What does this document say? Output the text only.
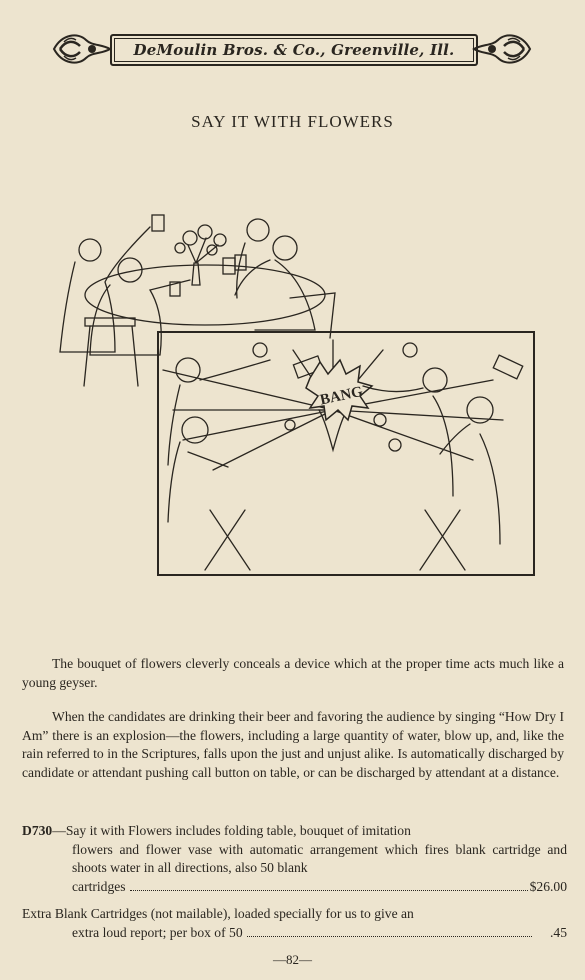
DeMoulin Bros. & Co., Greenville, Ill.
SAY IT WITH FLOWERS
BANG

The bouquet of flowers cleverly conceals a device which at the proper time acts much like a young geyser.

When the candidates are drinking their beer and favoring the audience by singing “How Dry I Am” there is an explosion—the flowers, including a large quantity of water, blow up, and, like the rain referred to in the Scriptures, falls upon the just and unjust alike. Is automatically discharged by candidate or attendant pushing call button on table, or can be discharged by attendant at a distance.

D730—Say it with Flowers includes folding table, bouquet of imitation
flowers and flower vase with automatic arrangement which fires blank cartridge and shoots water in all directions, also 50 blank
cartridges	$26.00
Extra Blank Cartridges (not mailable), loaded specially for us to give an
extra loud report; per box of 50	.45
—82—
